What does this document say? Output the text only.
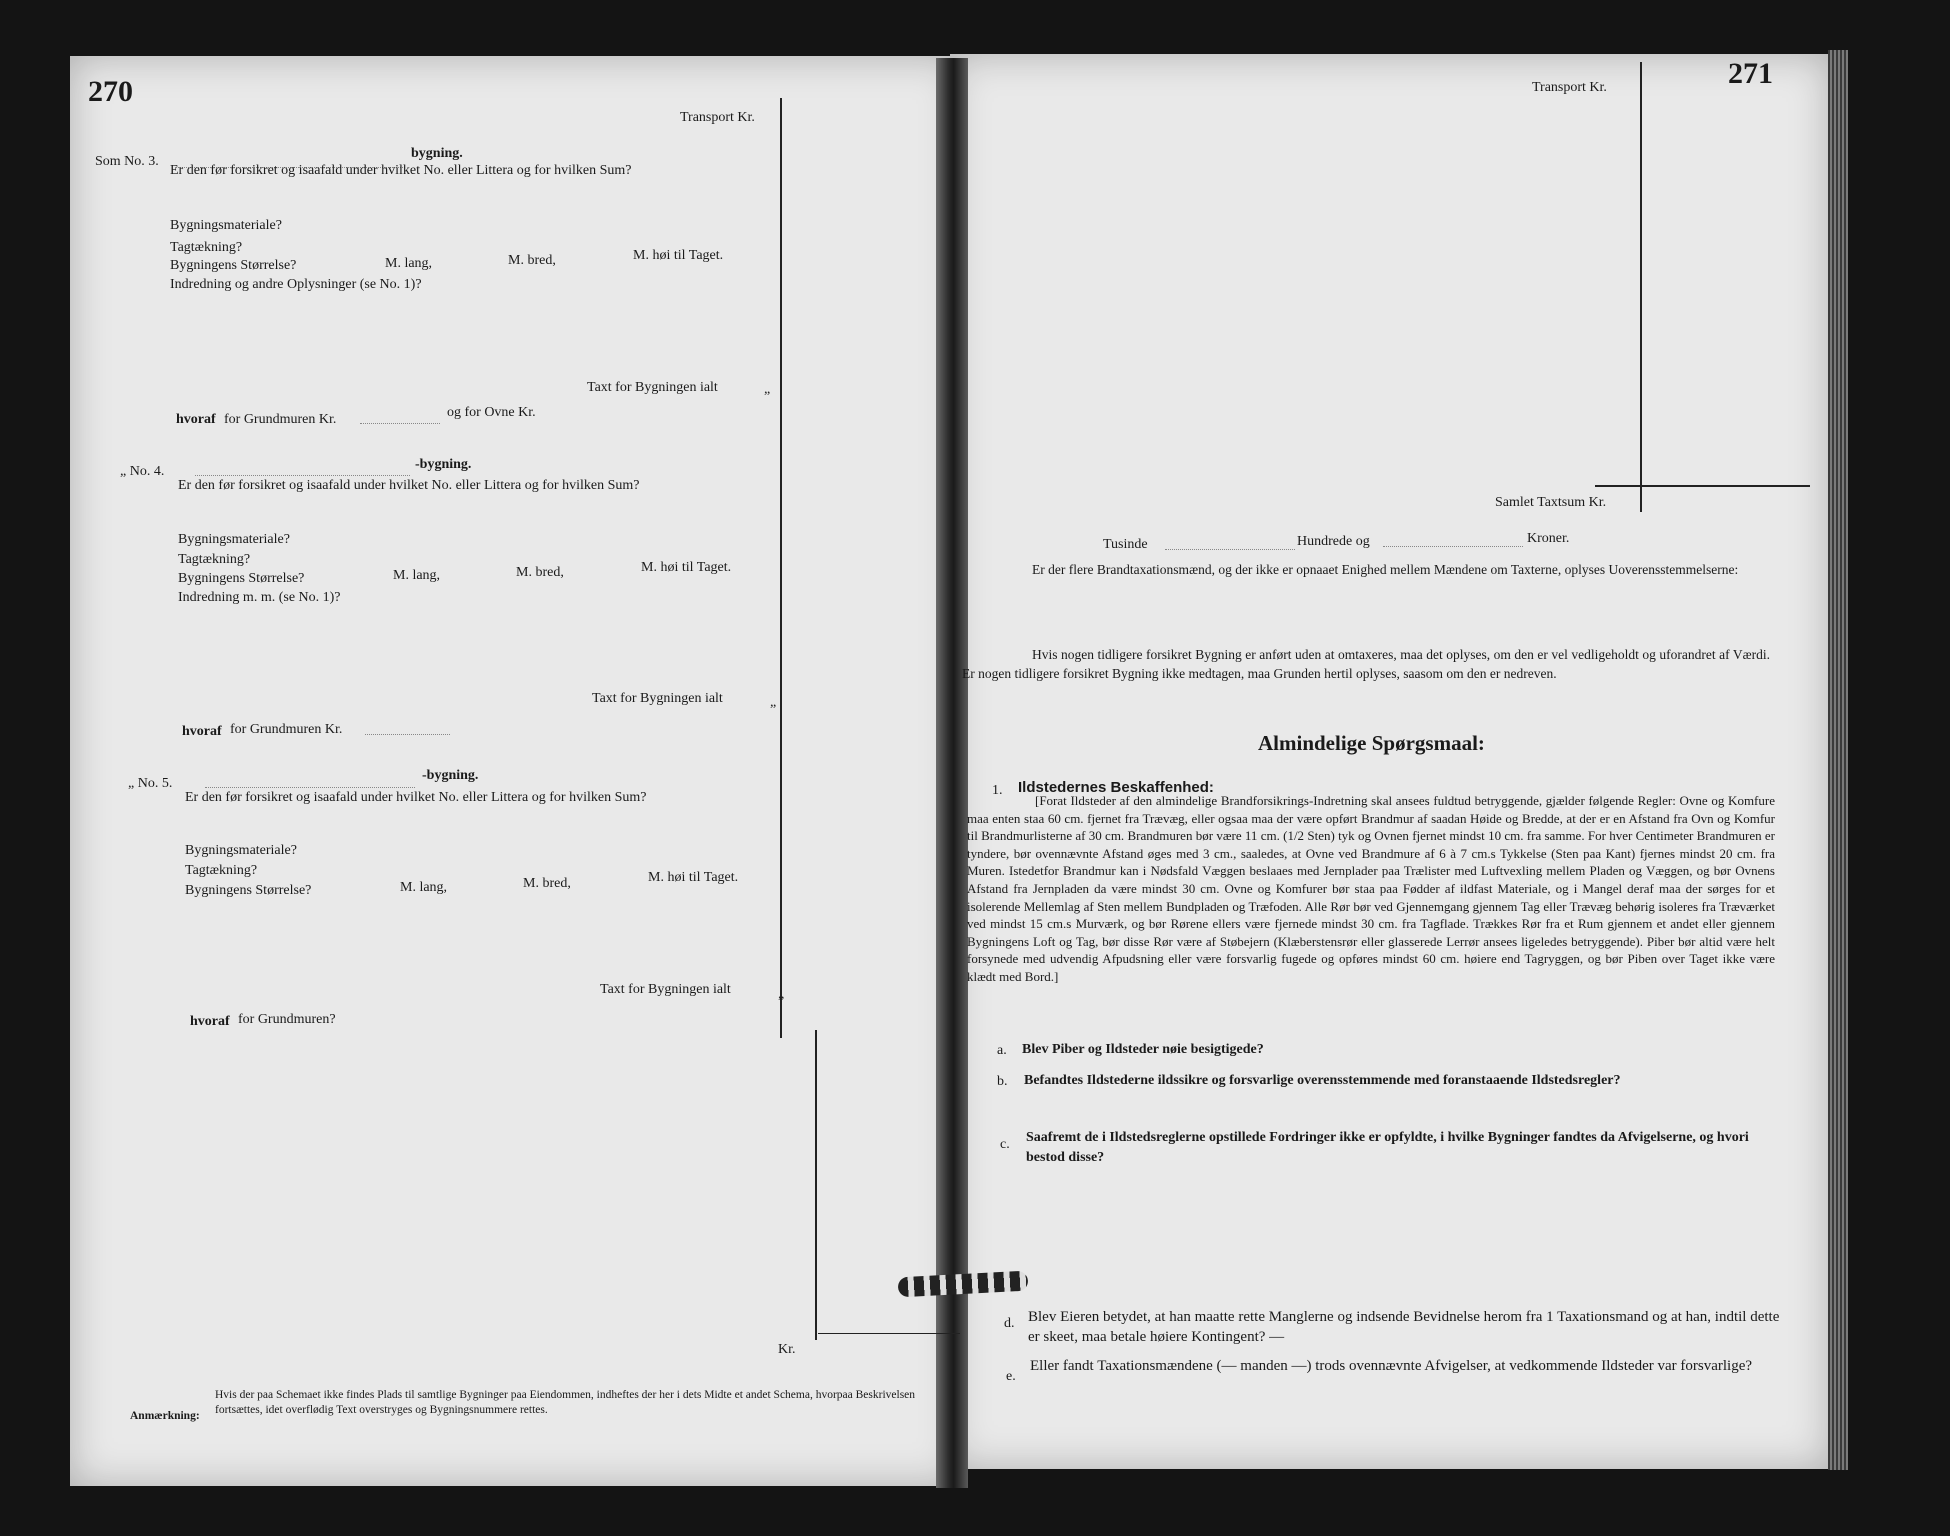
270
Transport Kr.
Kr.
Som No. 3.
bygning.
Er den før forsikret og isaafald under hvilket No. eller Littera og for hvilken Sum?
Bygningsmateriale?
Tagtækning?
Bygningens Størrelse?	M. lang,	M. bred,	M. høi til Taget.
Indredning og andre Oplysninger (se No. 1)?
Taxt for Bygningen ialt	„
hvoraf for Grundmuren Kr.	og for Ovne Kr.
„ No. 4.	-bygning.
Er den før forsikret og isaafald under hvilket No. eller Littera og for hvilken Sum?
Bygningsmateriale?
Tagtækning?
Bygningens Størrelse?	M. lang,	M. bred,	M. høi til Taget.
Indredning m. m. (se No. 1)?
Taxt for Bygningen ialt	„
hvoraf for Grundmuren Kr.
„ No. 5.
-bygning.
Er den før forsikret og isaafald under hvilket No. eller Littera og for hvilken Sum?
Bygningsmateriale?
Tagtækning?
Bygningens Størrelse?	M. lang,	M. bred,	M. høi til Taget.
Taxt for Bygningen ialt	„
hvoraf for Grundmuren?
Anmærkning:
Hvis der paa Schemaet ikke findes Plads til samtlige Bygninger paa Eiendommen, indheftes der her i dets Midte et andet Schema, hvorpaa Beskrivelsen fortsættes, idet overflødig Text overstryges og Bygningsnummere rettes.
271
Transport Kr.
Samlet Taxtsum Kr.
Tusinde	Hundrede og	Kroner.
Er der flere Brandtaxationsmænd, og der ikke er opnaaet Enighed mellem Mændene om Taxterne, oplyses Uoverensstemmelserne:
Hvis nogen tidligere forsikret Bygning er anført uden at omtaxeres, maa det oplyses, om den er vel vedligeholdt og uforandret af Værdi. Er nogen tidligere forsikret Bygning ikke medtagen, maa Grunden hertil oplyses, saasom om den er nedreven.
Almindelige Spørgsmaal:
1. Ildstedernes Beskaffenhed:
[Forat Ildsteder af den almindelige Brandforsikrings-Indretning skal ansees fuldtud betryggende, gjælder følgende Regler: Ovne og Komfure maa enten staa 60 cm. fjernet fra Trævæg, eller ogsaa maa der være opført Brandmur af saadan Høide og Bredde, at der er en Afstand fra Ovn og Komfur til Brandmurlisterne af 30 cm. Brandmuren bør være 11 cm. (1/2 Sten) tyk og Ovnen fjernet mindst 10 cm. fra samme. For hver Centimeter Brandmuren er tyndere, bør ovennævnte Afstand øges med 3 cm., saaledes, at Ovne ved Brandmure af 6 à 7 cm.s Tykkelse (Sten paa Kant) fjernes mindst 20 cm. fra Muren. Istedetfor Brandmur kan i Nødsfald Væggen beslaaes med Jernplader paa Trælister med Luftvexling mellem Pladen og Væggen, og bør Ovnens Afstand fra Jernpladen da være mindst 30 cm. Ovne og Komfurer bør staa paa Fødder af ildfast Materiale, og i Mangel deraf maa der sørges for et isolerende Mellemlag af Sten mellem Bundpladen og Træfoden. Alle Rør bør ved Gjennemgang gjennem Tag eller Trævæg behørig isoleres fra Træværket ved mindst 15 cm.s Murværk, og bør Rørene ellers være fjernede mindst 30 cm. fra Tagflade. Trækkes Rør fra et Rum gjennem et andet eller gjennem Bygningens Loft og Tag, bør disse Rør være af Støbejern (Klæberstensrør eller glasserede Lerrør ansees ligeledes betryggende). Piber bør altid være helt forsynede med udvendig Afpudsning eller være forsvarlig fugede og opføres mindst 60 cm. høiere end Tagryggen, og bør Piben over Taget ikke være klædt med Bord.]
a. Blev Piber og Ildsteder nøie besigtigede?
b. Befandtes Ildstederne ildssikre og forsvarlige overensstemmende med foranstaaende Ildstedsregler?
c. Saafremt de i Ildstedsreglerne opstillede Fordringer ikke er opfyldte, i hvilke Bygninger fandtes da Afvigelserne, og hvori bestod disse?
d. Blev Eieren betydet, at han maatte rette Manglerne og indsende Bevidnelse herom fra 1 Taxationsmand og at han, indtil dette er skeet, maa betale høiere Kontingent? —
e.
Eller fandt Taxationsmændene (— manden —) trods ovennævnte Afvigelser, at vedkommende Ildsteder var forsvarlige?
